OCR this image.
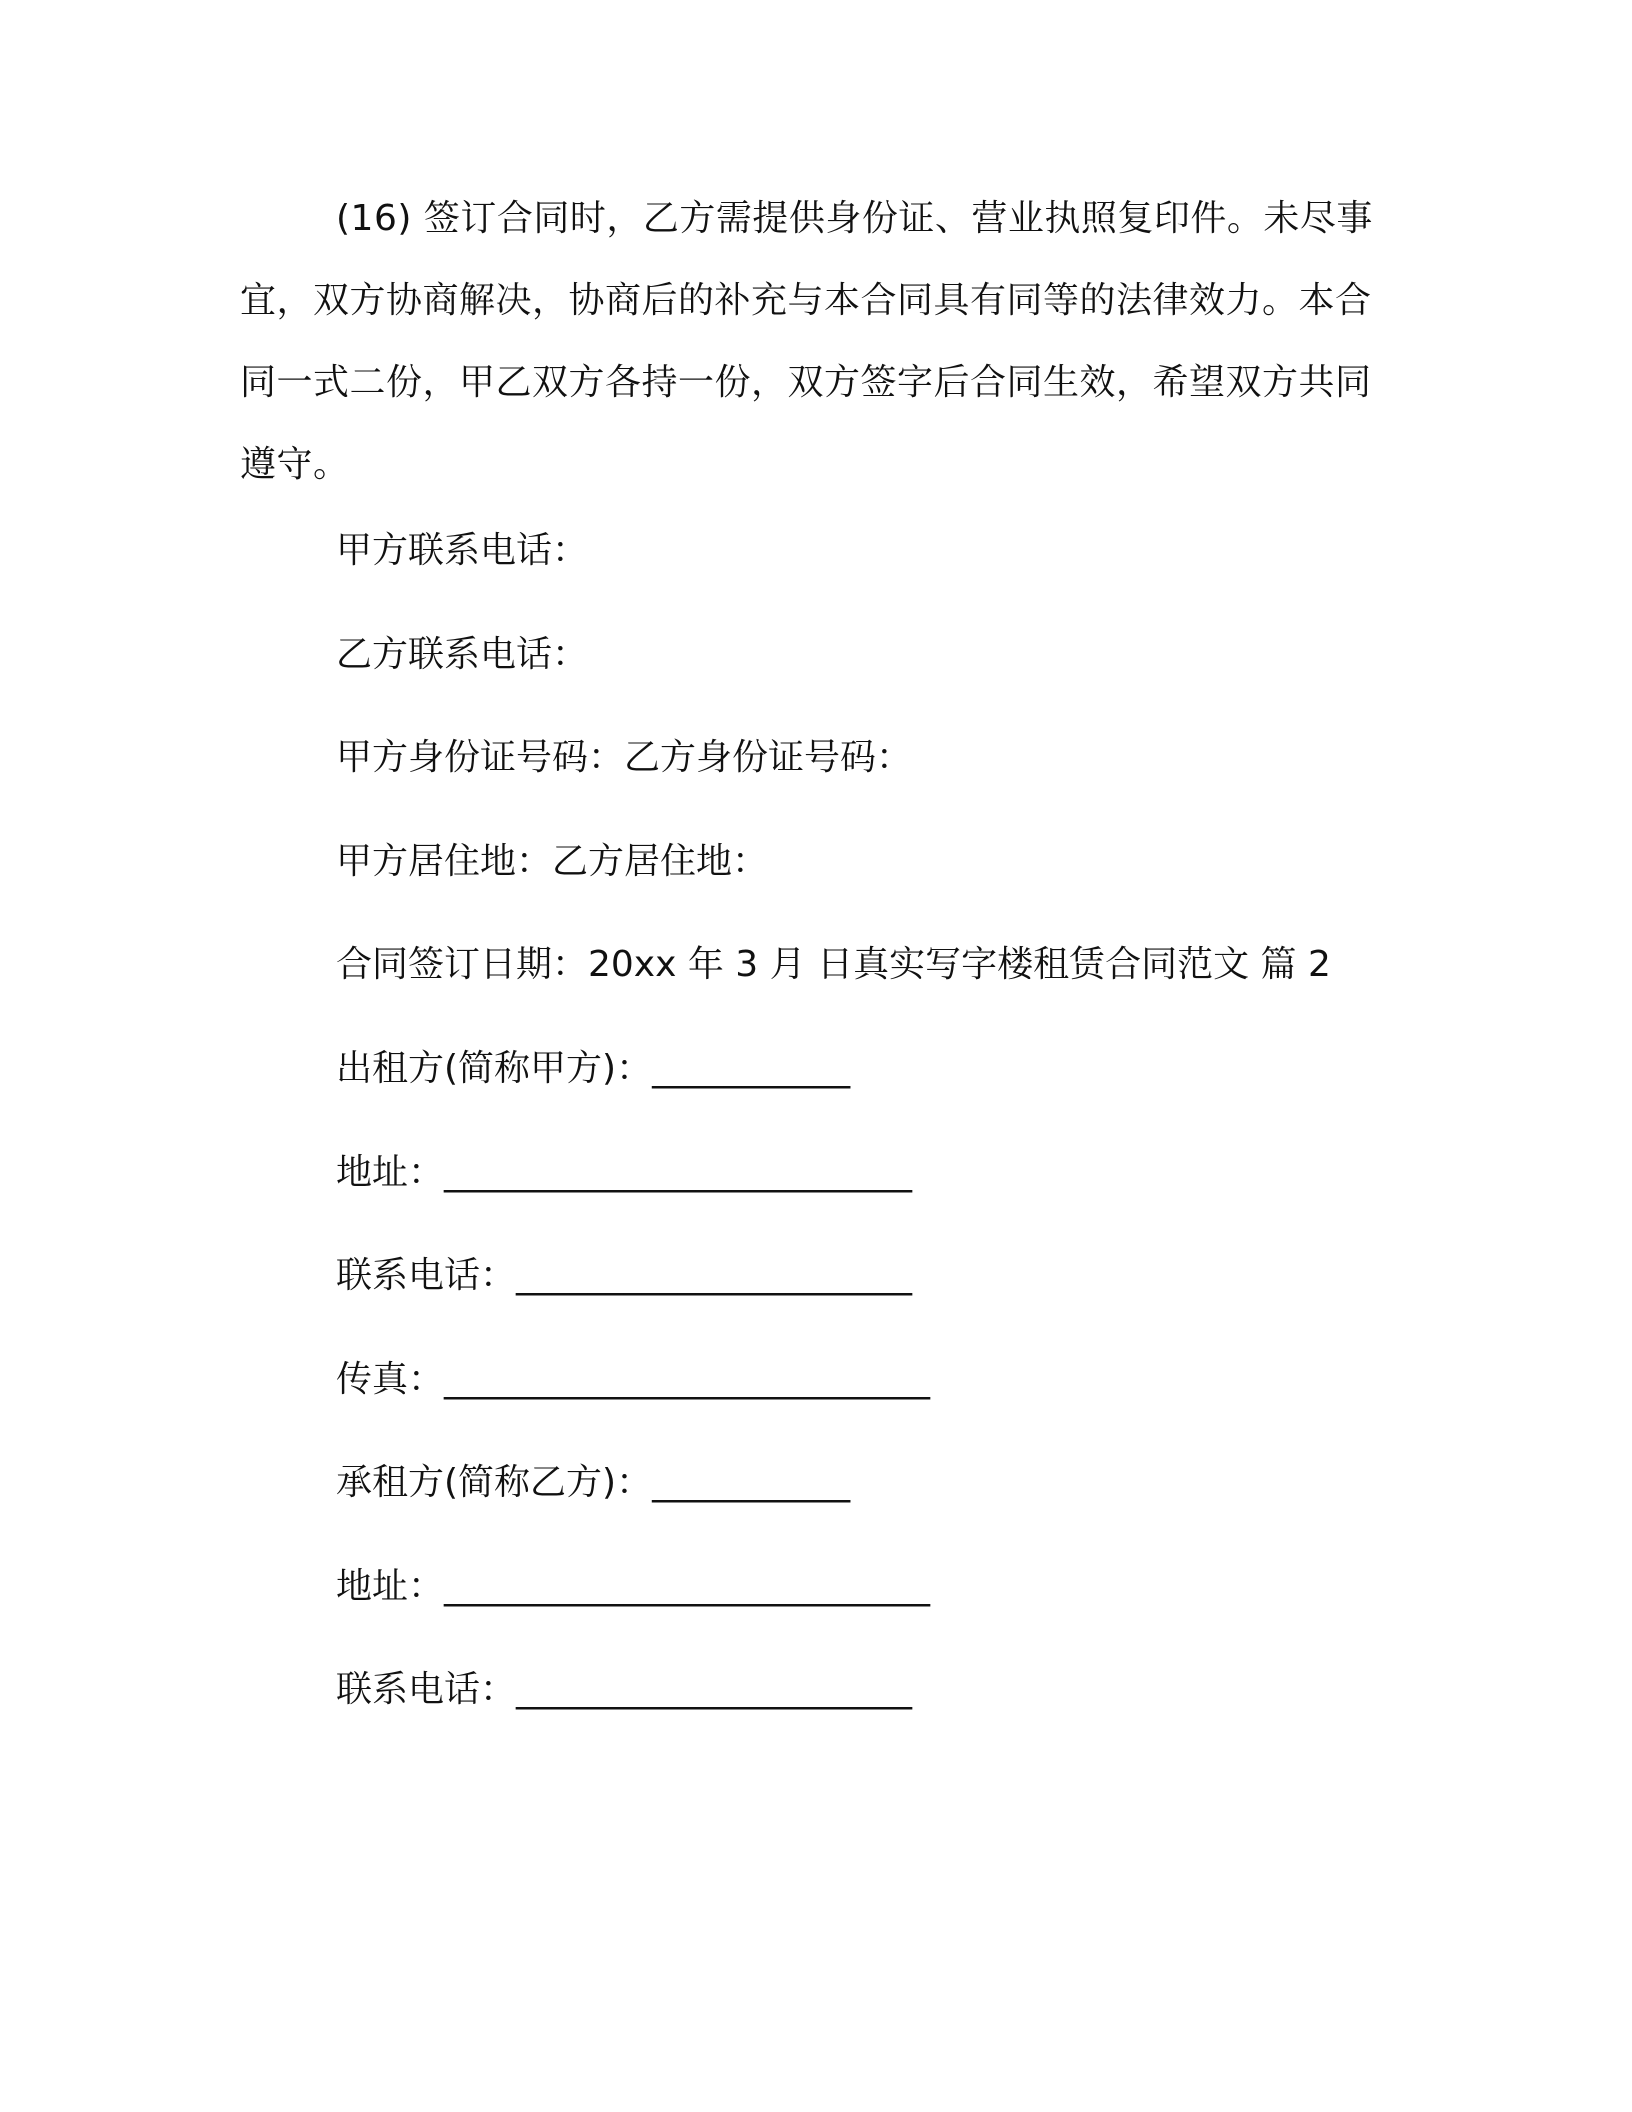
(16) 签订合同时，乙方需提供身份证、营业执照复印件。未尽事宜，双方协商解决，协商后的补充与本合同具有同等的法律效力。本合同一式二份，甲乙双方各持一份，双方签字后合同生效，希望双方共同遵守。

甲方联系电话：

乙方联系电话：

甲方身份证号码：乙方身份证号码：

甲方居住地：乙方居住地：

合同签订日期：20xx 年 3 月 日真实写字楼租赁合同范文 篇 2

出租方(简称甲方)：___________

地址：__________________________

联系电话：______________________

传真：___________________________

承租方(简称乙方)：___________

地址：___________________________

联系电话：______________________
